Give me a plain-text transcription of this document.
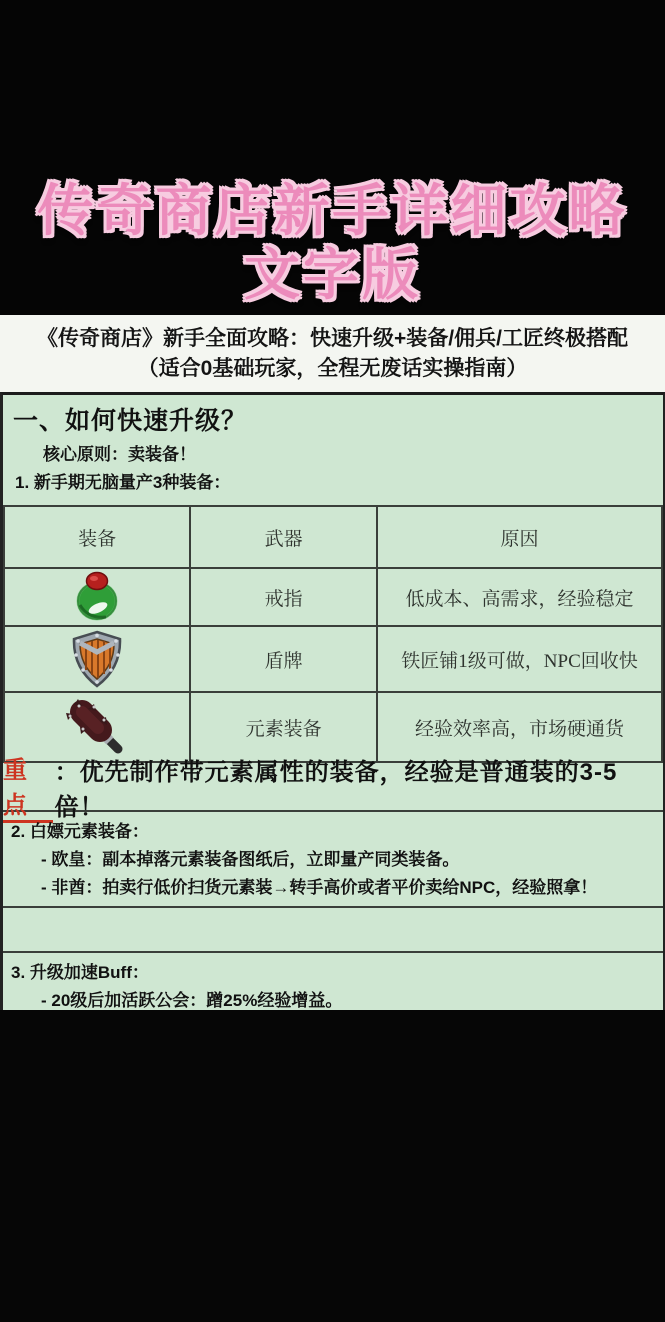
传奇商店新手详细攻略
文字版
《传奇商店》新手全面攻略：快速升级+装备/佣兵/工匠终极搭配
（适合0基础玩家，全程无废话实操指南）
一、如何快速升级？
核心原则：卖装备！
1. 新手期无脑量产3种装备：
装备	武器	原因

	戒指	低成本、高需求，经验稳定

	盾牌	铁匠铺1级可做，NPC回收快

	元素装备	经验效率高，市场硬通货
重点
：优先制作带元素属性的装备，经验是普通装的3-5倍！
2. 白嫖元素装备：
- 欧皇：副本掉落元素装备图纸后，立即量产同类装备。
- 非酋：拍卖行低价扫货元素装→转手高价或者平价卖给NPC，经验照拿！
3. 升级加速Buff：
- 20级后加活跃公会：蹭25%经验增益。
